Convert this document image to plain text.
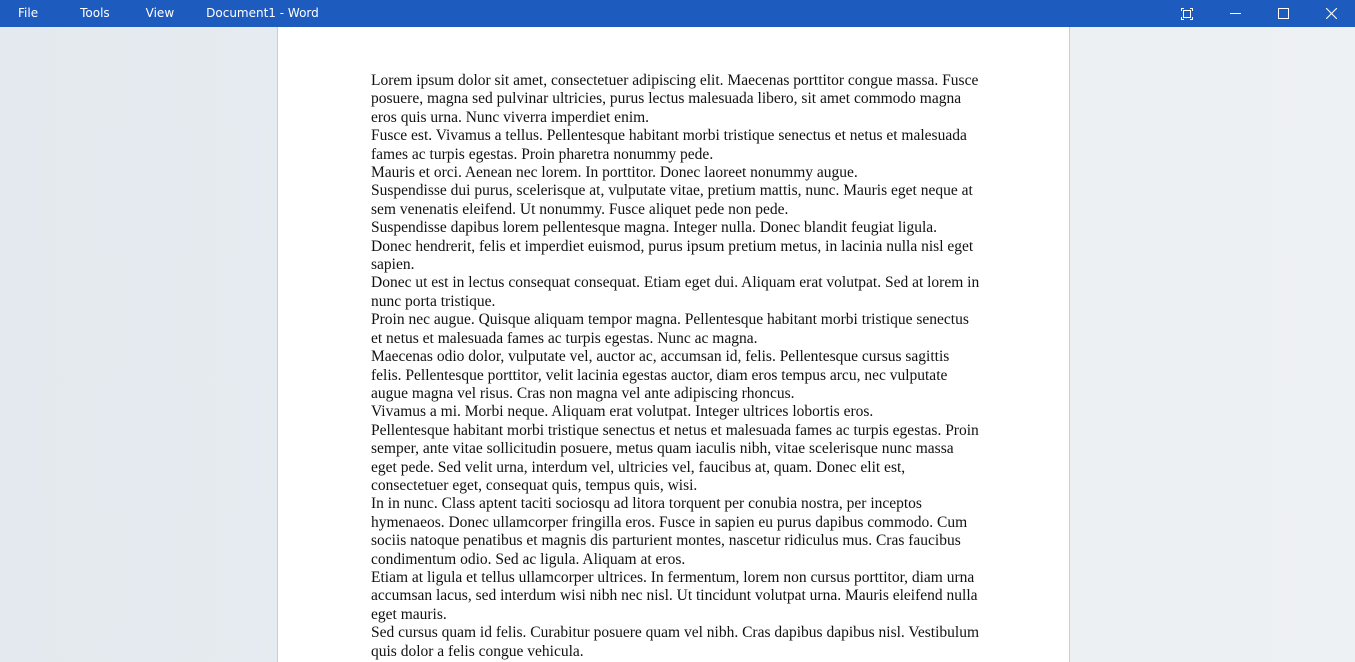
File	Tools	View	Document1 - Word
Lorem ipsum dolor sit amet, consectetuer adipiscing elit. Maecenas porttitor congue massa. Fusce posuere, magna sed pulvinar ultricies, purus lectus malesuada libero, sit amet commodo magna eros quis urna. Nunc viverra imperdiet enim.
Fusce est. Vivamus a tellus. Pellentesque habitant morbi tristique senectus et netus et malesuada fames ac turpis egestas. Proin pharetra nonummy pede.
Mauris et orci. Aenean nec lorem. In porttitor. Donec laoreet nonummy augue.
Suspendisse dui purus, scelerisque at, vulputate vitae, pretium mattis, nunc. Mauris eget neque at sem venenatis eleifend. Ut nonummy. Fusce aliquet pede non pede.
Suspendisse dapibus lorem pellentesque magna. Integer nulla. Donec blandit feugiat ligula. Donec hendrerit, felis et imperdiet euismod, purus ipsum pretium metus, in lacinia nulla nisl eget sapien.
Donec ut est in lectus consequat consequat. Etiam eget dui. Aliquam erat volutpat. Sed at lorem in nunc porta tristique.
Proin nec augue. Quisque aliquam tempor magna. Pellentesque habitant morbi tristique senectus et netus et malesuada fames ac turpis egestas. Nunc ac magna.
Maecenas odio dolor, vulputate vel, auctor ac, accumsan id, felis. Pellentesque cursus sagittis felis. Pellentesque porttitor, velit lacinia egestas auctor, diam eros tempus arcu, nec vulputate augue magna vel risus. Cras non magna vel ante adipiscing rhoncus.
Vivamus a mi. Morbi neque. Aliquam erat volutpat. Integer ultrices lobortis eros.
Pellentesque habitant morbi tristique senectus et netus et malesuada fames ac turpis egestas. Proin semper, ante vitae sollicitudin posuere, metus quam iaculis nibh, vitae scelerisque nunc massa eget pede. Sed velit urna, interdum vel, ultricies vel, faucibus at, quam. Donec elit est, consectetuer eget, consequat quis, tempus quis, wisi.
In in nunc. Class aptent taciti sociosqu ad litora torquent per conubia nostra, per inceptos hymenaeos. Donec ullamcorper fringilla eros. Fusce in sapien eu purus dapibus commodo. Cum sociis natoque penatibus et magnis dis parturient montes, nascetur ridiculus mus. Cras faucibus condimentum odio. Sed ac ligula. Aliquam at eros.
Etiam at ligula et tellus ullamcorper ultrices. In fermentum, lorem non cursus porttitor, diam urna accumsan lacus, sed interdum wisi nibh nec nisl. Ut tincidunt volutpat urna. Mauris eleifend nulla eget mauris.
Sed cursus quam id felis. Curabitur posuere quam vel nibh. Cras dapibus dapibus nisl. Vestibulum quis dolor a felis congue vehicula.
